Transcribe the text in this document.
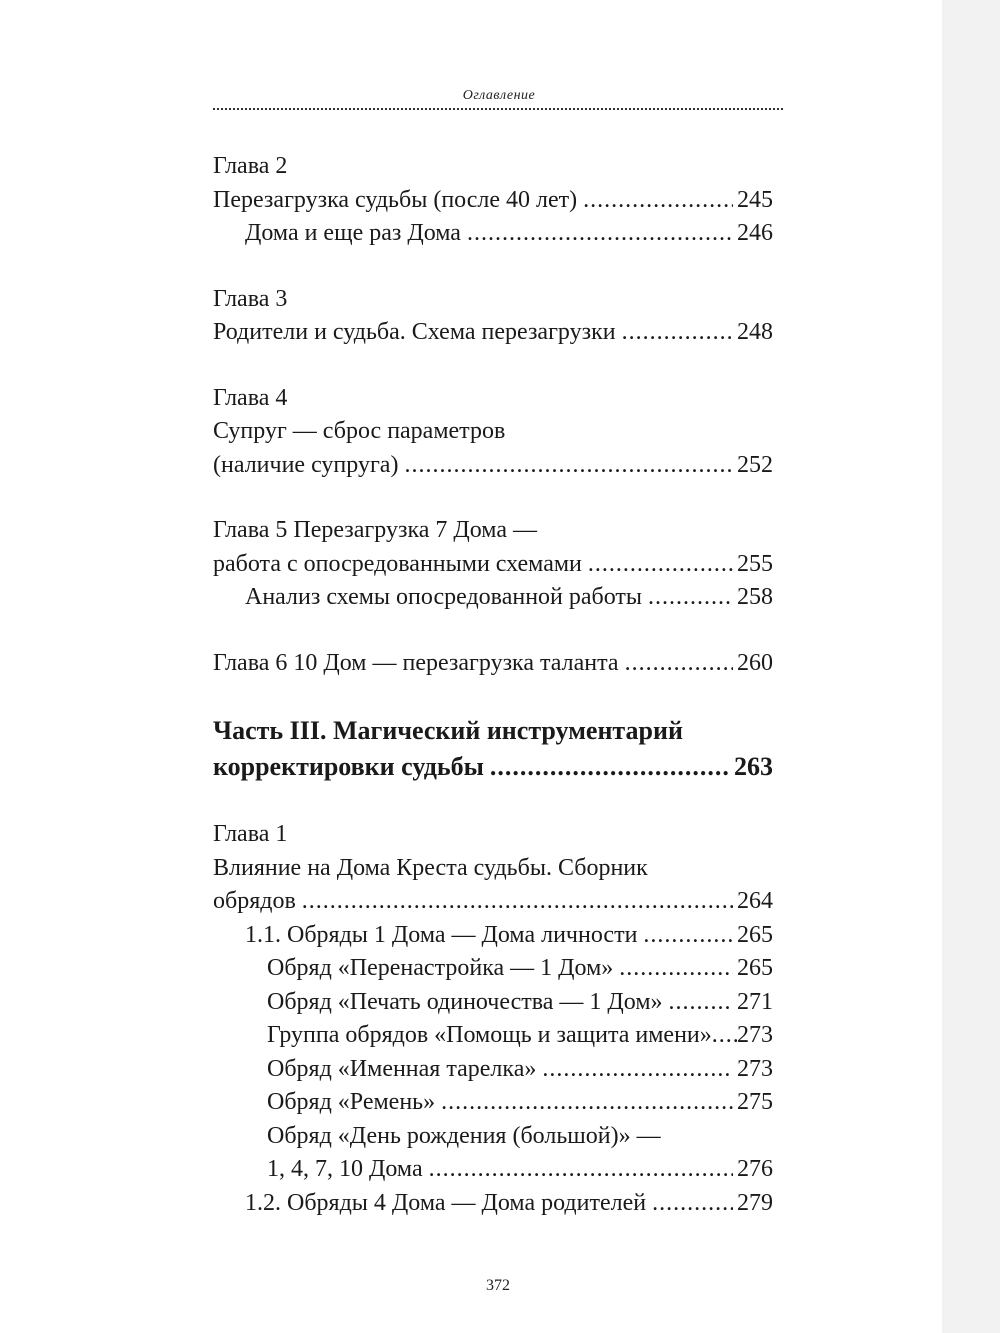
Оглавление
Глава 2
Перезагрузка судьбы (после 40 лет) .....	245
Дома и еще раз Дома .....	246
Глава 3
Родители и судьба. Схема перезагрузки .....	248
Глава 4
Супруг — сброс параметров
(наличие супруга) .....	252
Глава 5 Перезагрузка 7 Дома —
работа с опосредованными схемами .....	255
Анализ схемы опосредованной работы .....	258
Глава 6 10 Дом — перезагрузка таланта .....	260
Часть III. Магический инструментарий
корректировки судьбы .....	263
Глава 1
Влияние на Дома Креста судьбы. Сборник
обрядов .....	264
1.1. Обряды 1 Дома — Дома личности .....	265
Обряд «Перенастройка — 1 Дом» .....	265
Обряд «Печать одиночества — 1 Дом» .....	271
Группа обрядов «Помощь и защита имени» ..... 273
Обряд «Именная тарелка» .....	273
Обряд «Ремень» .....	275
Обряд «День рождения (большой)» —
1, 4, 7, 10 Дома .....	276
1.2. Обряды 4 Дома — Дома родителей .....	279
372
